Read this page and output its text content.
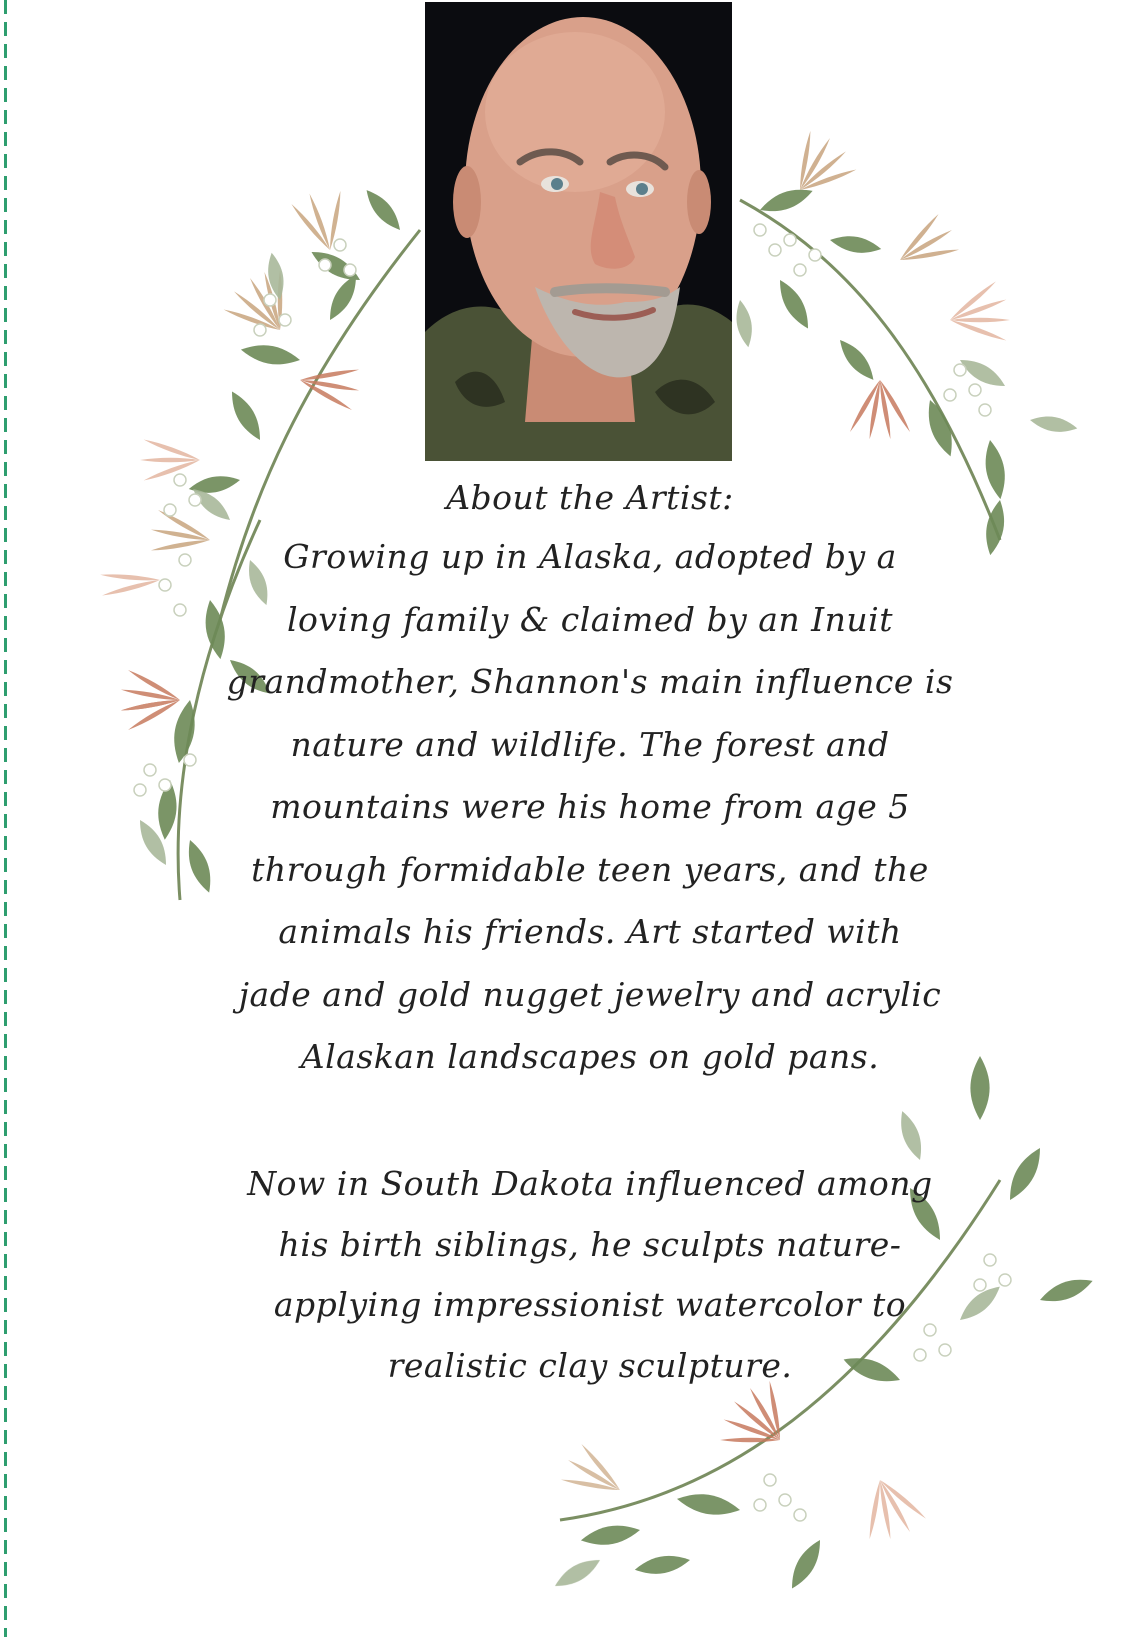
About the Artist:
Growing up in Alaska, adopted by a
loving family & claimed by an Inuit
grandmother, Shannon's main influence is
nature and wildlife. The forest and
mountains were his home from age 5
through formidable teen years, and the
animals his friends. Art started with
jade and gold nugget jewelry and acrylic
Alaskan landscapes on gold pans.
Now in South Dakota influenced among
his birth siblings, he sculpts nature-
applying impressionist watercolor to
realistic clay sculpture.
